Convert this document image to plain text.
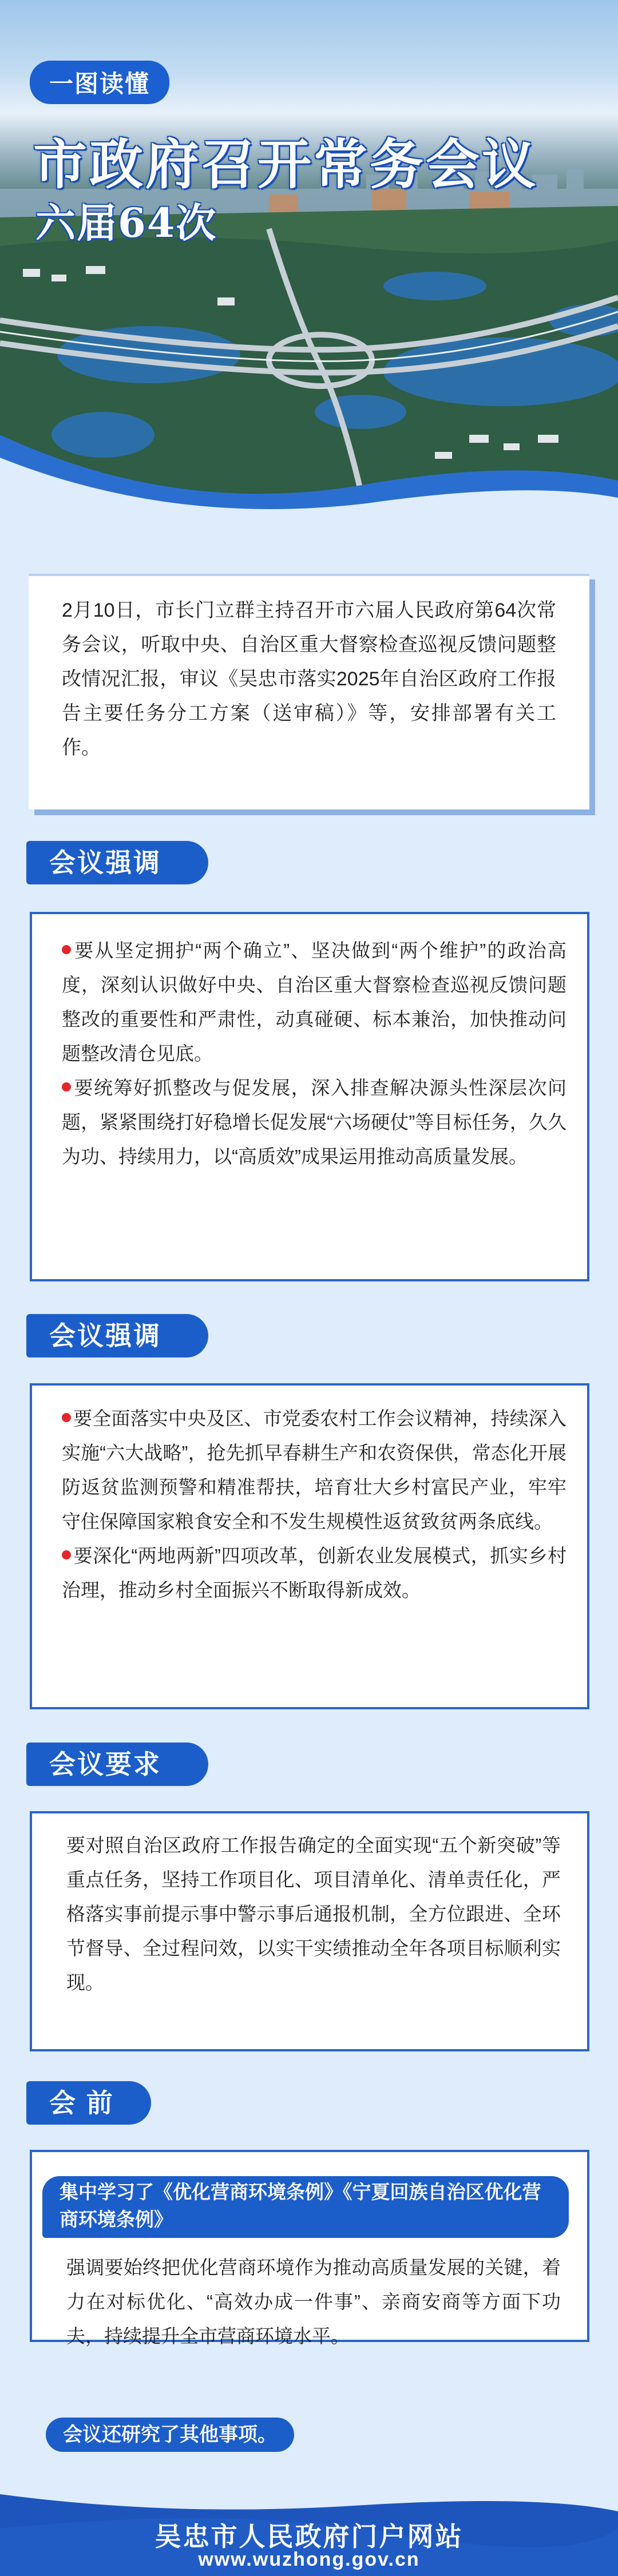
一图读懂
市政府召开常务会议
六届64次

2月10日，市长门立群主持召开市六届人民政府第64次常务会议，听取中央、自治区重大督察检查巡视反馈问题整改情况汇报，审议《吴忠市落实2025年自治区政府工作报告主要任务分工方案（送审稿）》等，安排部署有关工作。

会议强调

要从坚定拥护“两个确立”、坚决做到“两个维护”的政治高度，深刻认识做好中央、自治区重大督察检查巡视反馈问题整改的重要性和严肃性，动真碰硬、标本兼治，加快推动问题整改清仓见底。

要统筹好抓整改与促发展，深入排查解决源头性深层次问题，紧紧围绕打好稳增长促发展“六场硬仗”等目标任务，久久为功、持续用力，以“高质效”成果运用推动高质量发展。

会议强调

要全面落实中央及区、市党委农村工作会议精神，持续深入实施“六大战略”，抢先抓早春耕生产和农资保供，常态化开展防返贫监测预警和精准帮扶，培育壮大乡村富民产业，牢牢守住保障国家粮食安全和不发生规模性返贫致贫两条底线。

要深化“两地两新”四项改革，创新农业发展模式，抓实乡村治理，推动乡村全面振兴不断取得新成效。

会议要求

要对照自治区政府工作报告确定的全面实现“五个新突破”等重点任务，坚持工作项目化、项目清单化、清单责任化，严格落实事前提示事中警示事后通报机制，全方位跟进、全环节督导、全过程问效，以实干实绩推动全年各项目标顺利实现。

会 前

强调要始终把优化营商环境作为推动高质量发展的关键，着力在对标优化、“高效办成一件事”、亲商安商等方面下功夫，持续提升全市营商环境水平。

集中学习了《优化营商环境条例》《宁夏回族自治区优化营商环境条例》
会议还研究了其他事项。
吴忠市人民政府门户网站
www.wuzhong.gov.cn
